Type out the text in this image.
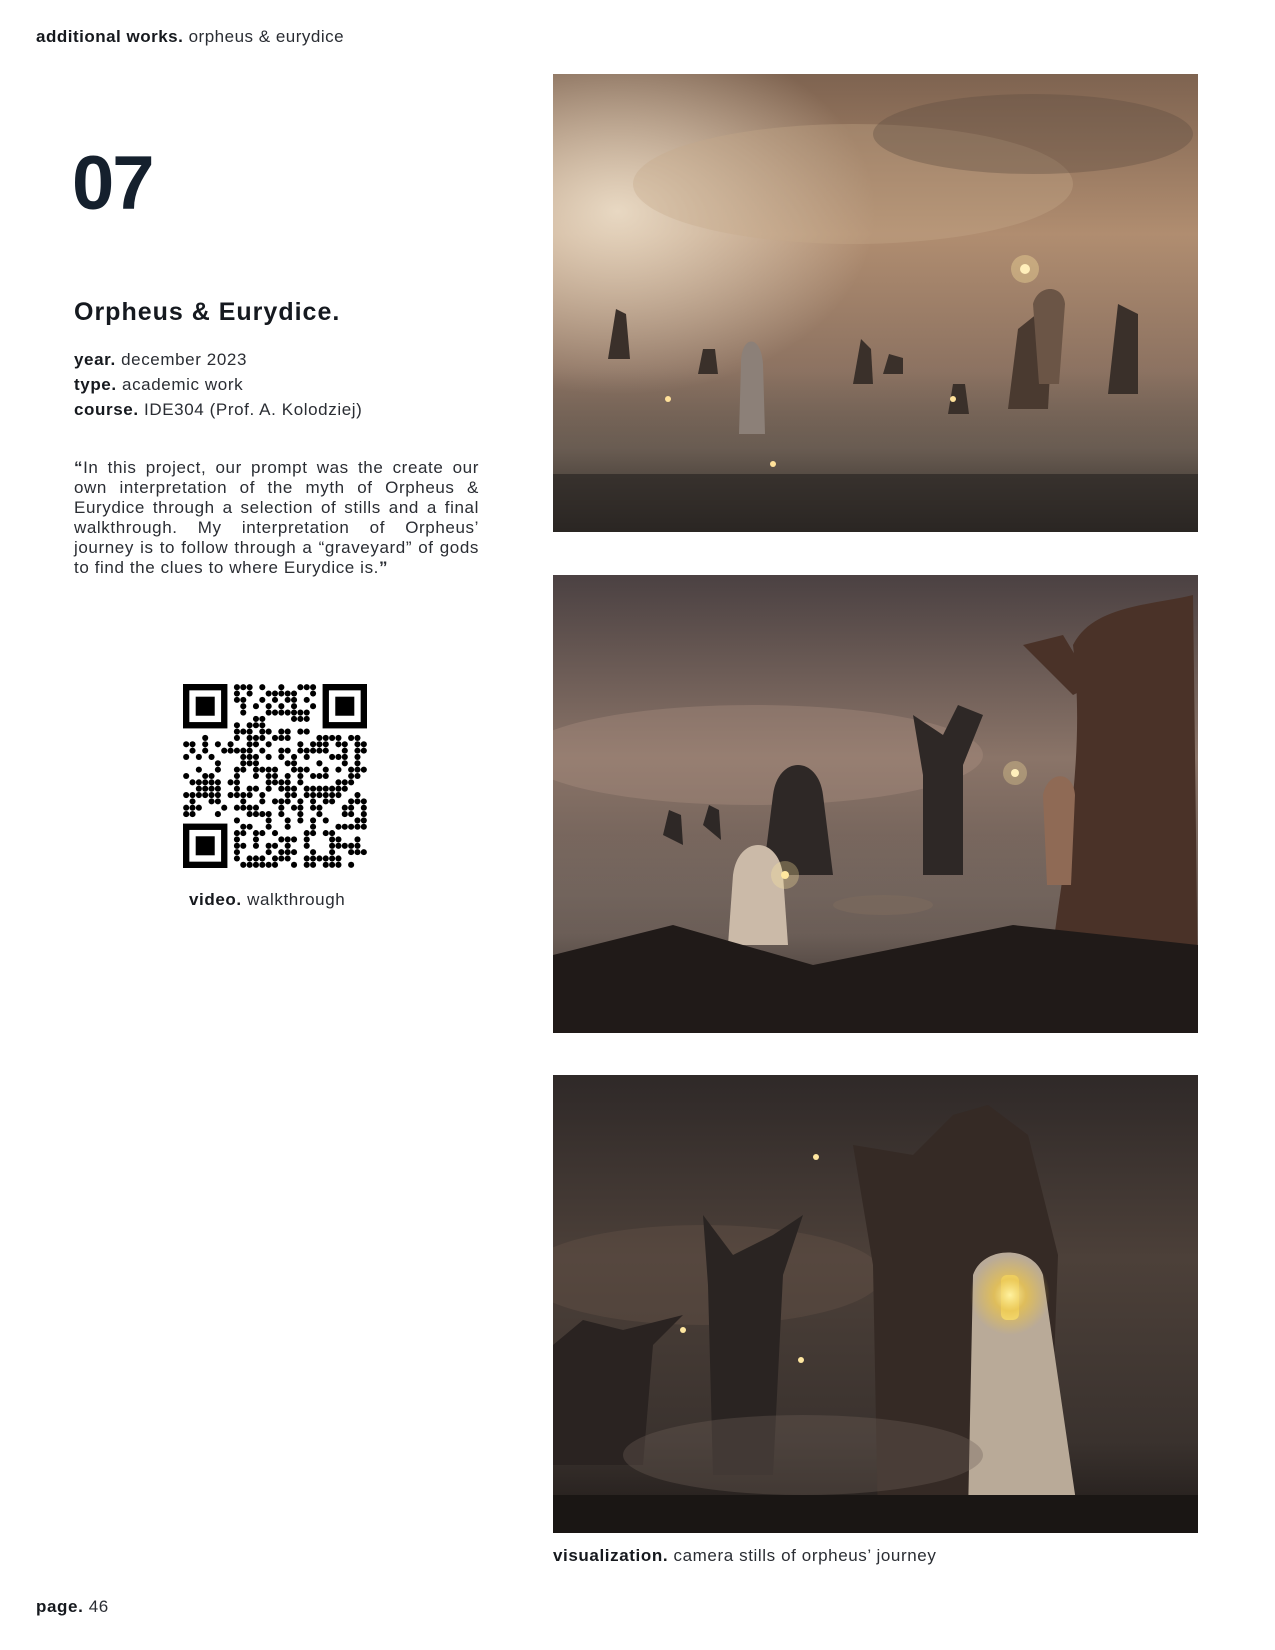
additional works. orpheus & eurydice
07
Orpheus & Eurydice.
year. december 2023
type. academic work
course. IDE304 (Prof. A. Kolodziej)
“In this project, our prompt was the create our own interpretation of the myth of Orpheus & Eurydice through a selection of stills and a final walkthrough. My interpretation of Orpheus’ journey is to follow through a “graveyard” of gods to find the clues to where Eurydice is.”
video. walkthrough
visualization. camera stills of orpheus’ journey
page. 46
